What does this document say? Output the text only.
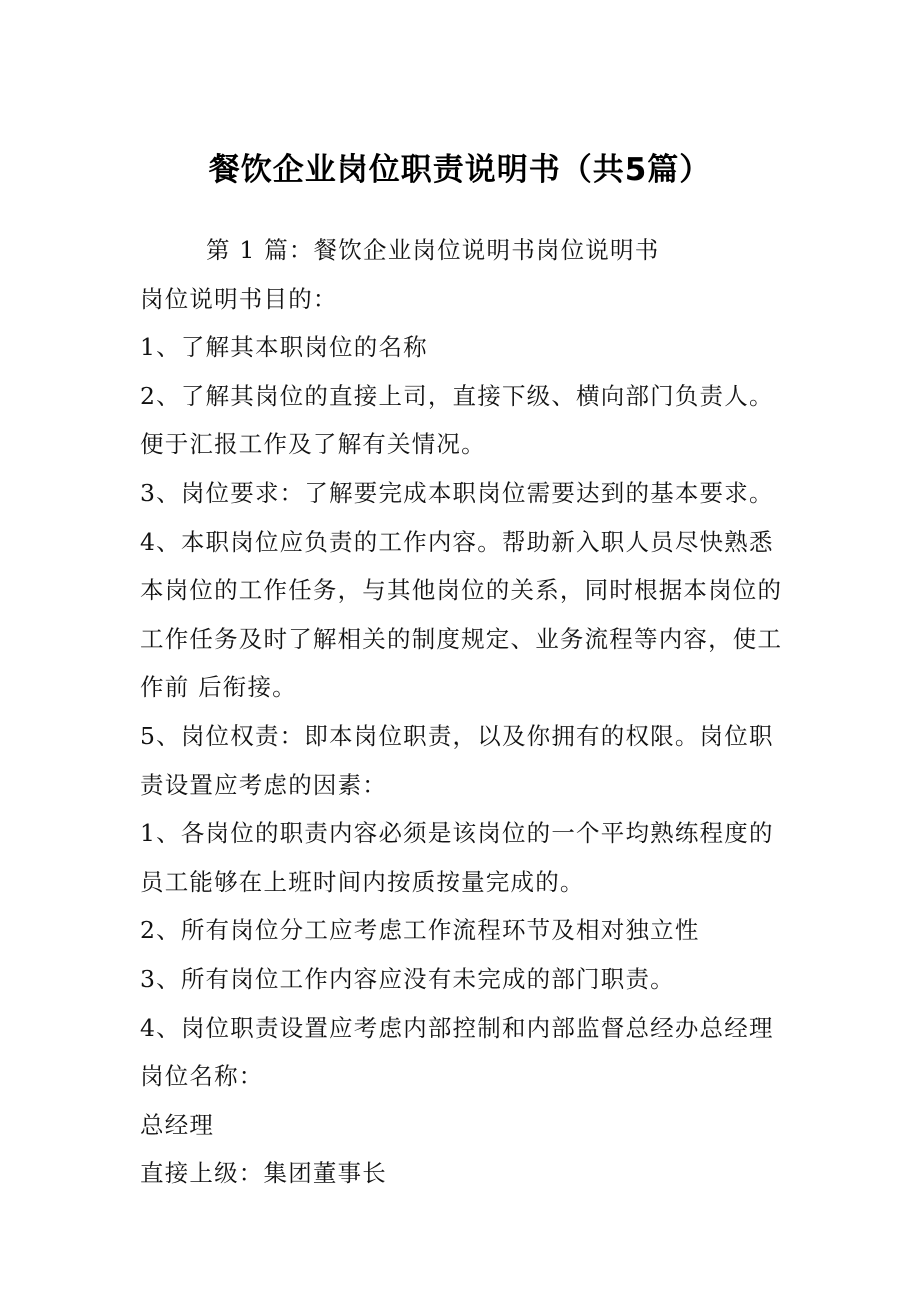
餐饮企业岗位职责说明书（共5篇）
第 1 篇：餐饮企业岗位说明书岗位说明书
岗位说明书目的：
1、了解其本职岗位的名称
2、了解其岗位的直接上司，直接下级、横向部门负责人。
便于汇报工作及了解有关情况。
3、岗位要求：了解要完成本职岗位需要达到的基本要求。
4、本职岗位应负责的工作内容。帮助新入职人员尽快熟悉
本岗位的工作任务，与其他岗位的关系，同时根据本岗位的
工作任务及时了解相关的制度规定、业务流程等内容，使工
作前 后衔接。
5、岗位权责：即本岗位职责，以及你拥有的权限。岗位职
责设置应考虑的因素：
1、各岗位的职责内容必须是该岗位的一个平均熟练程度的
员工能够在上班时间内按质按量完成的。
2、所有岗位分工应考虑工作流程环节及相对独立性
3、所有岗位工作内容应没有未完成的部门职责。
4、岗位职责设置应考虑内部控制和内部监督总经办总经理
岗位名称：
总经理
直接上级：集团董事长
